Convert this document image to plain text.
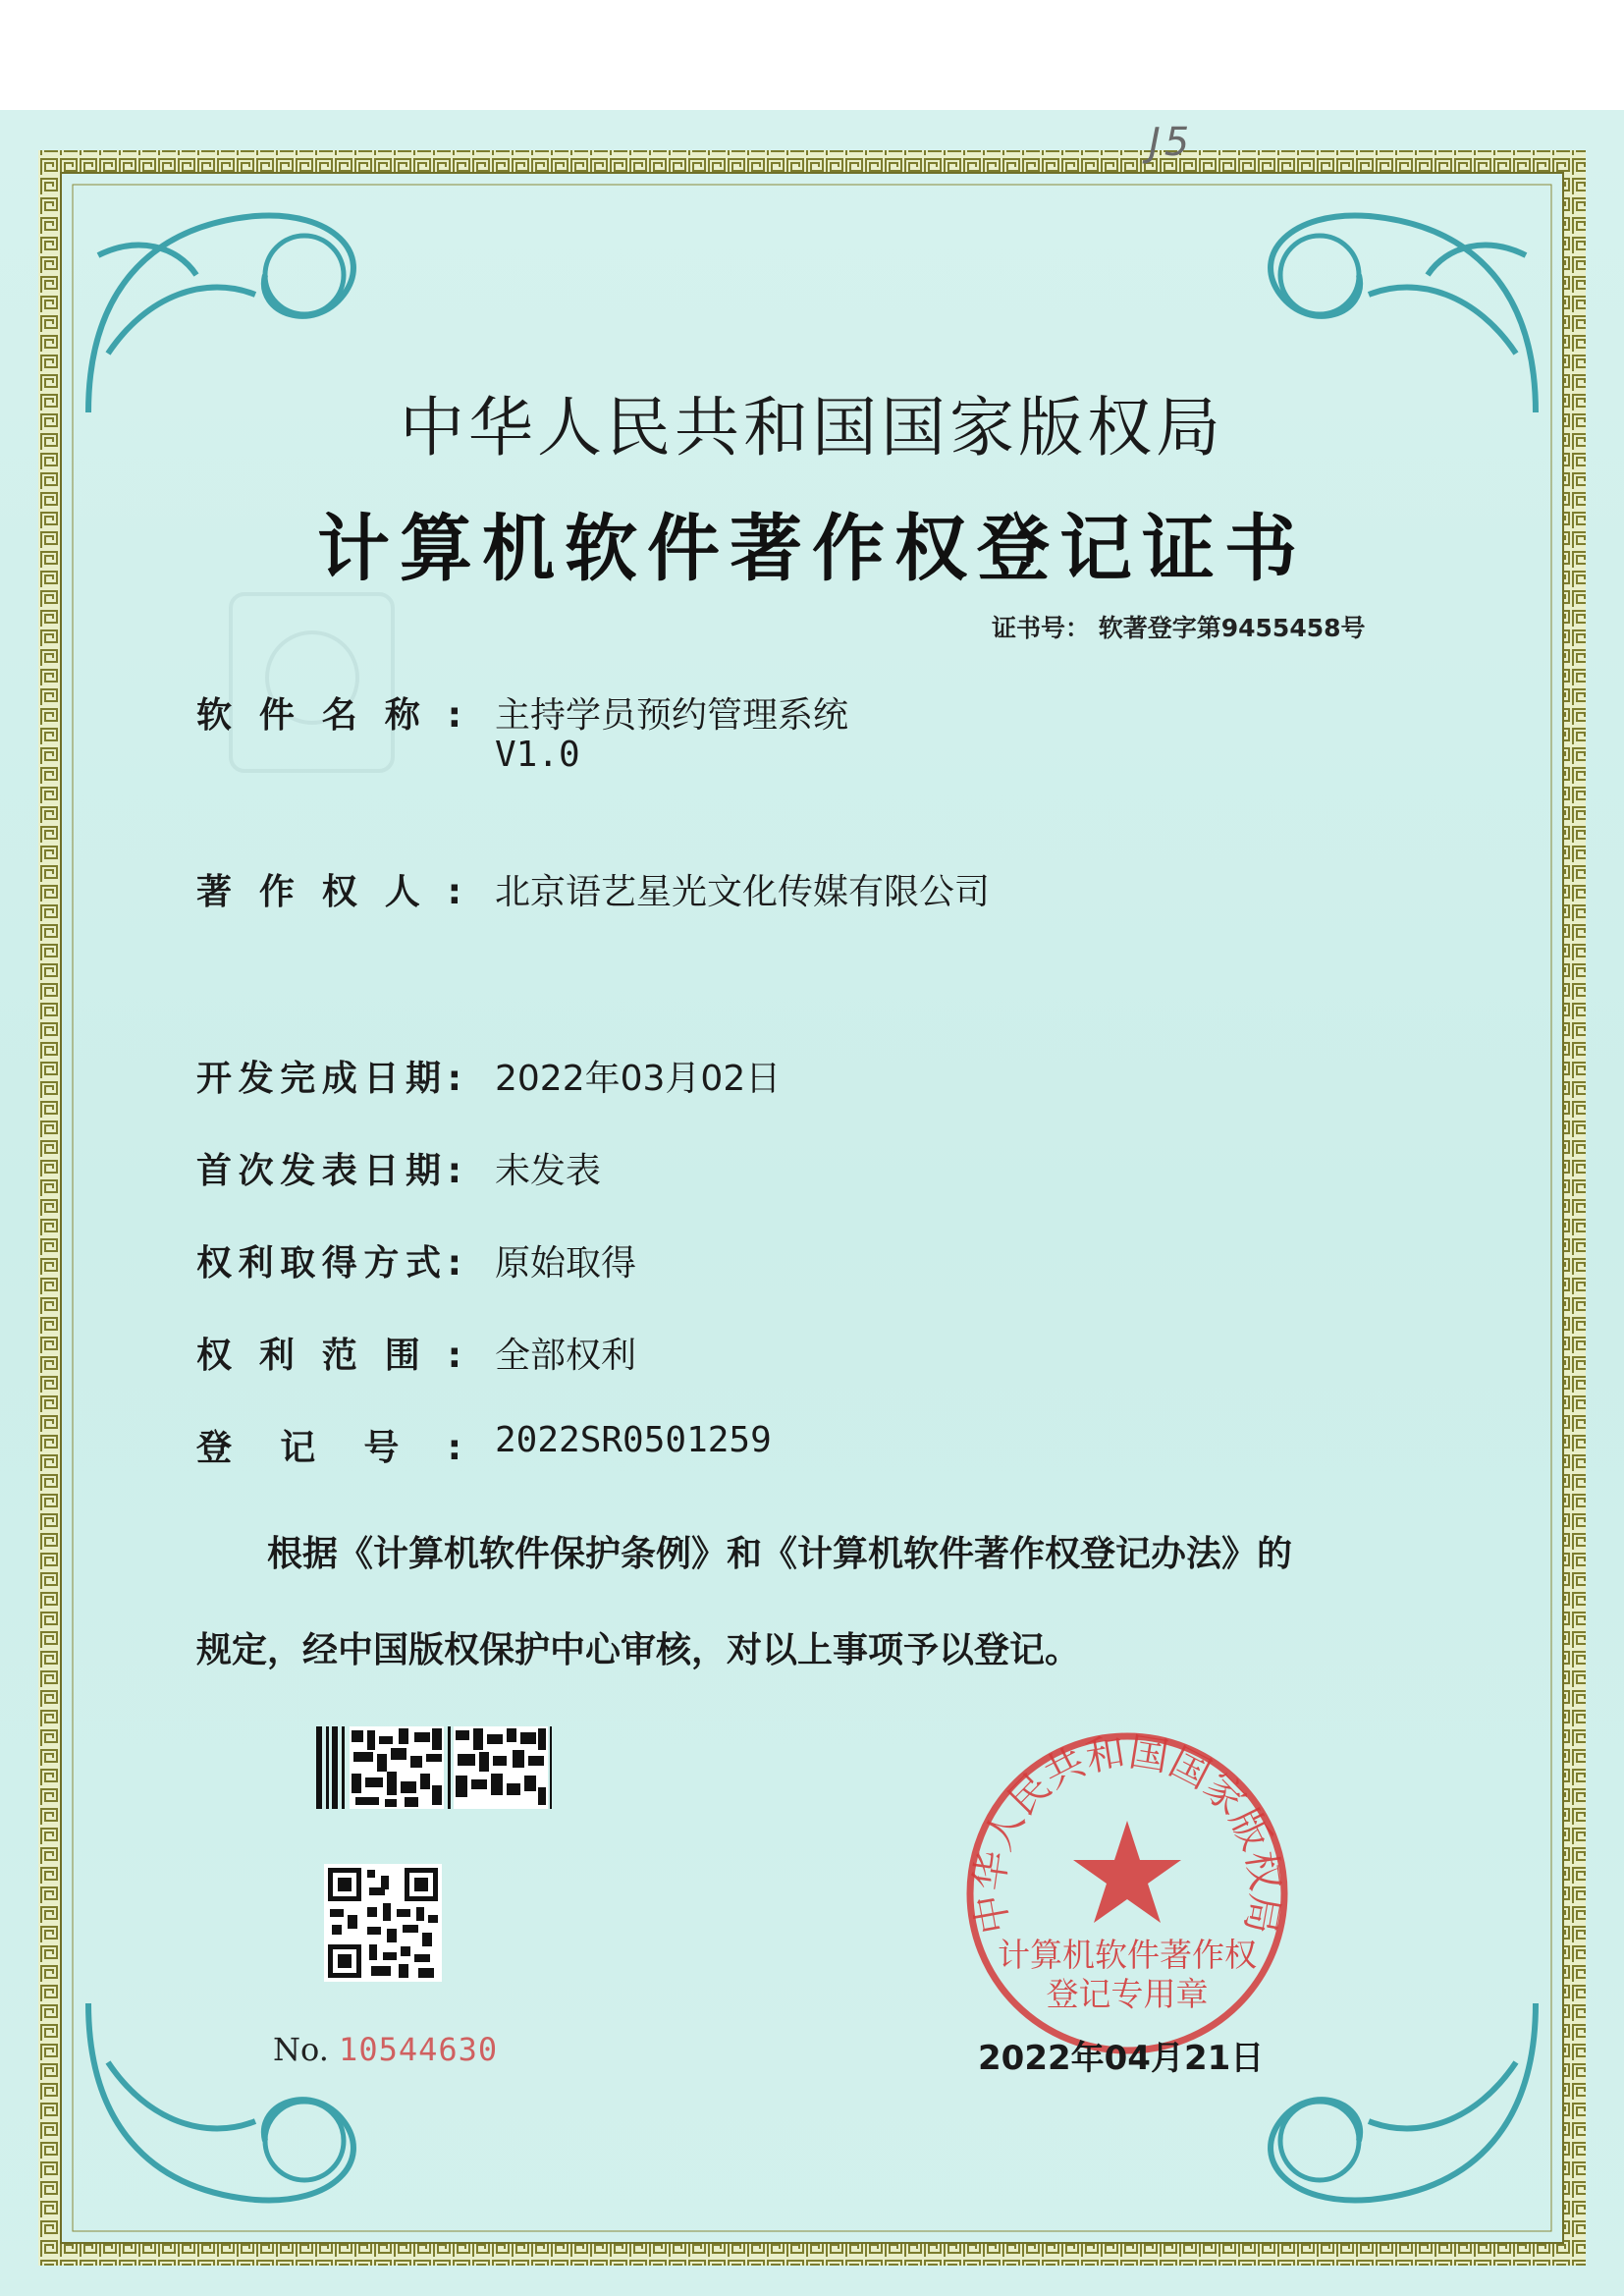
J5
中华人民共和国国家版权局
计算机软件著作权登记证书
证书号： 软著登字第9455458号
软件名称: 主持学员预约管理系统
V1.0
著作权人: 北京语艺星光文化传媒有限公司
开发完成日期: 2022年03月02日
首次发表日期: 未发表
权利取得方式: 原始取得
权利范围: 全部权利
登记号: 2022SR0501259
根据《计算机软件保护条例》和《计算机软件著作权登记办法》的
规定，经中国版权保护中心审核，对以上事项予以登记。
No. 10544630
中华人民共和国国家版权局
计算机软件著作权
登记专用章
2022年04月21日
